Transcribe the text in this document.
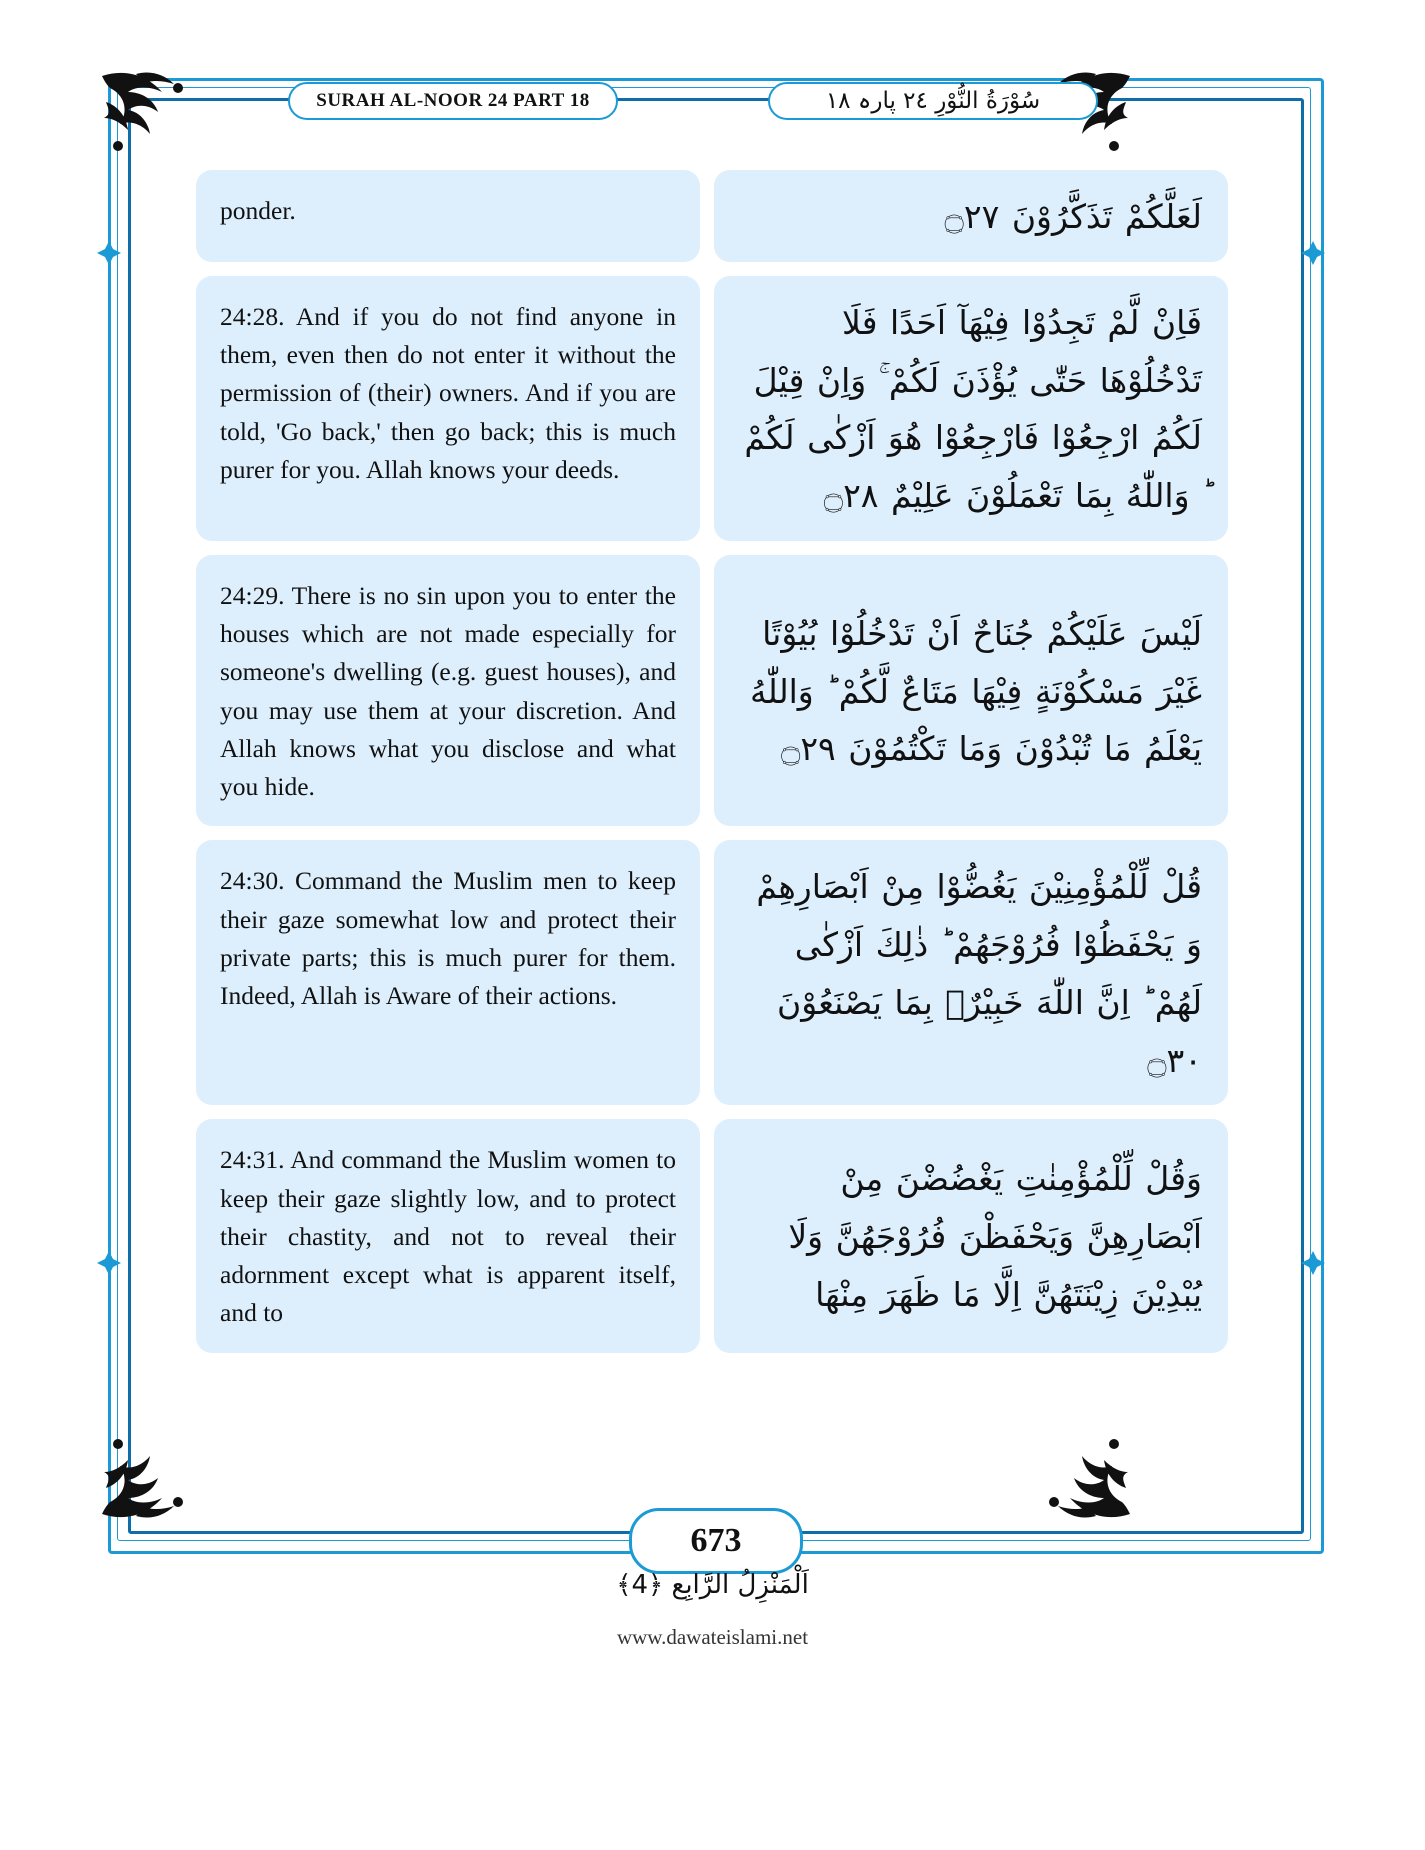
SURAH AL-NOOR 24 PART 18	سُوْرَةُ النُّوْرِ ٢٤ پارہ ١٨
ponder.	لَعَلَّكُمْ تَذَكَّرُوْنَ ۝٢٧
24:28. And if you do not find anyone in them, even then do not enter it without the permission of (their) owners. And if you are told, 'Go back,' then go back; this is much purer for you. Allah knows your deeds.
فَاِنْ لَّمْ تَجِدُوْا فِيْهَآ اَحَدًا فَلَا تَدْخُلُوْهَا حَتّٰى يُؤْذَنَ لَكُمْ ۚ وَاِنْ قِيْلَ لَكُمُ ارْجِعُوْا فَارْجِعُوْا هُوَ اَزْكٰى لَكُمْ ؕ وَاللّٰهُ بِمَا تَعْمَلُوْنَ عَلِيْمٌ ۝٢٨
24:29. There is no sin upon you to enter the houses which are not made especially for someone's dwelling (e.g. guest houses), and you may use them at your discretion. And Allah knows what you disclose and what you hide.
لَيْسَ عَلَيْكُمْ جُنَاحٌ اَنْ تَدْخُلُوْا بُيُوْتًا غَيْرَ مَسْكُوْنَةٍ فِيْهَا مَتَاعٌ لَّكُمْ ؕ وَاللّٰهُ يَعْلَمُ مَا تُبْدُوْنَ وَمَا تَكْتُمُوْنَ ۝٢٩
24:30. Command the Muslim men to keep their gaze somewhat low and protect their private parts; this is much purer for them. Indeed, Allah is Aware of their actions.
قُلْ لِّلْمُؤْمِنِيْنَ يَغُضُّوْا مِنْ اَبْصَارِهِمْ وَ يَحْفَظُوْا فُرُوْجَهُمْ ؕ ذٰلِكَ اَزْكٰى لَهُمْ ؕ اِنَّ اللّٰهَ خَبِيْرٌۢ بِمَا يَصْنَعُوْنَ ۝٣٠
24:31. And command the Muslim women to keep their gaze slightly low, and to protect their chastity, and not to reveal their adornment except what is apparent itself, and to
وَقُلْ لِّلْمُؤْمِنٰتِ يَغْضُضْنَ مِنْ اَبْصَارِهِنَّ وَيَحْفَظْنَ فُرُوْجَهُنَّ وَلَا يُبْدِيْنَ زِيْنَتَهُنَّ اِلَّا مَا ظَهَرَ مِنْهَا
673
اَلْمَنْزِلُ الرَّابِع ﴿4﴾
www.dawateislami.net
